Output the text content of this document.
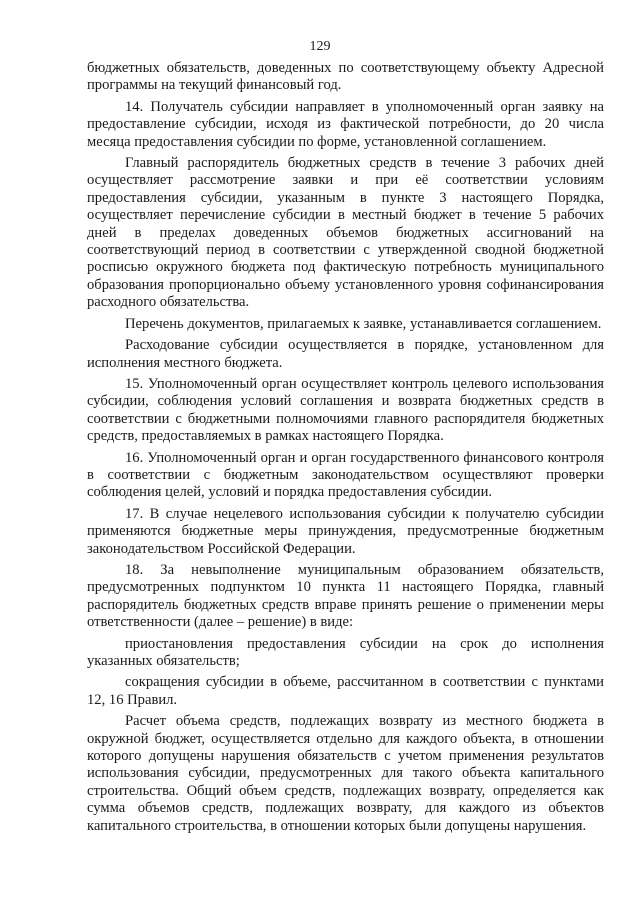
129

бюджетных обязательств, доведенных по соответствующему объекту Адресной программы на текущий финансовый год.

14. Получатель субсидии направляет в уполномоченный орган заявку на предоставление субсидии, исходя из фактической потребности, до 20 числа месяца предоставления субсидии по форме, установленной соглашением.

Главный распорядитель бюджетных средств в течение 3 рабочих дней осуществляет рассмотрение заявки и при её соответствии условиям предоставления субсидии, указанным в пункте 3 настоящего Порядка, осуществляет перечисление субсидии в местный бюджет в течение 5 рабочих дней в пределах доведенных объемов бюджетных ассигнований на соответствующий период в соответствии с утвержденной сводной бюджетной росписью окружного бюджета под фактическую потребность муниципального образования пропорционально объему установленного уровня софинансирования расходного обязательства.

Перечень документов, прилагаемых к заявке, устанавливается соглашением.

Расходование субсидии осуществляется в порядке, установленном для исполнения местного бюджета.

15. Уполномоченный орган осуществляет контроль целевого использования субсидии, соблюдения условий соглашения и возврата бюджетных средств в соответствии с бюджетными полномочиями главного распорядителя бюджетных средств, предоставляемых в рамках настоящего Порядка.

16. Уполномоченный орган и орган государственного финансового контроля в соответствии с бюджетным законодательством осуществляют проверки соблюдения целей, условий и порядка предоставления субсидии.

17. В случае нецелевого использования субсидии к получателю субсидии применяются бюджетные меры принуждения, предусмотренные бюджетным законодательством Российской Федерации.

18. За невыполнение муниципальным образованием обязательств, предусмотренных подпунктом 10 пункта 11 настоящего Порядка, главный распорядитель бюджетных средств вправе принять решение о применении меры ответственности (далее – решение) в виде:

приостановления предоставления субсидии на срок до исполнения указанных обязательств;

сокращения субсидии в объеме, рассчитанном в соответствии с пунктами 12, 16 Правил.

Расчет объема средств, подлежащих возврату из местного бюджета в окружной бюджет, осуществляется отдельно для каждого объекта, в отношении которого допущены нарушения обязательств с учетом применения результатов использования субсидии, предусмотренных для такого объекта капитального строительства. Общий объем средств, подлежащих возврату, определяется как сумма объемов средств, подлежащих возврату, для каждого из объектов капитального строительства, в отношении которых были допущены нарушения.
